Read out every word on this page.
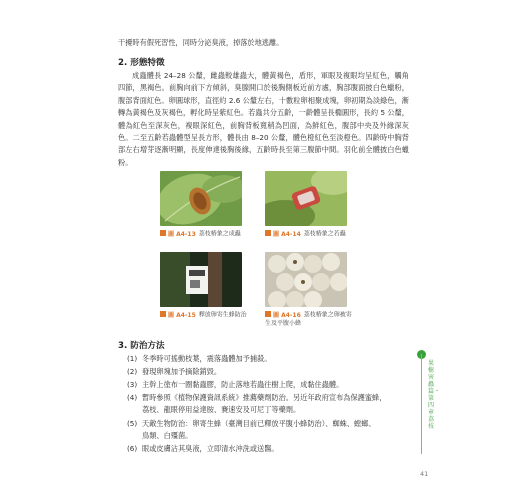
干擾時有假死習性，同時分泌臭液，掉落於地逃離。

2. 形態特徵

成蟲體長 24–28 公釐，雌蟲較雄蟲大，體黃褐色，盾形，軍眼及複眼均呈紅色，觸角四節，黑褐色。前胸向前下方傾斜，臭腺開口於後胸側板近前方處，胸部腹面披白色蠟粉，腹部背面紅色。卵圓球形，直徑約 2.6 公釐左右，十數粒卵相聚成塊，卵初期為淡綠色，漸轉為黃褐色及灰褐色，孵化時呈紫紅色。若蟲共分五齡，一齡體呈長橢圓形，長約 5 公釐，體為紅色至深灰色，複眼深紅色，前胸背板寬稍為凹面，為鮮紅色，腹部中央及外緣深灰色。二至五齡若蟲體型呈長方形，體長由 8–20 公釐，體色橙紅色至淡橙色。四齡時中胸背部左右增芽逐漸明顯，長度伸達後胸後緣，五齡時長至第三腹節中間。羽化前全體披白色蠟粉。

圖 A4-13 荔枝椿象之成蟲	圖 A4-14 荔枝椿象之若蟲
圖 A4-15 釋放卵寄生蜂防治	圖 A4-16 荔枝椿象之卵被寄生及平腹小蜂
3. 防治方法
(1) 冬季時可搖動枝葉，震落蟲體加予捕殺。
(2) 發現卵塊加予摘除銷毀。
(3) 主幹上塗布一圈黏蟲膠，防止落地若蟲往樹上爬，成黏住蟲體。
(4) 暫時參照《植物保護資訊系統》推薦藥劑防治。另近年政府宣布為保護蜜蜂，
荔枝、龍眼停用益達胺、賽速安及可尼丁等藥劑。
(5) 天敵生物防治：卵寄生蜂（臺灣目前已釋放平腹小蜂防治）、蜘蛛、螳螂、
鳥類、白殭菌。
(6) 眼或皮膚沾其臭液，立即清水沖洗或送醫。
果樹害蟲篇・第四章 荔枝
41
